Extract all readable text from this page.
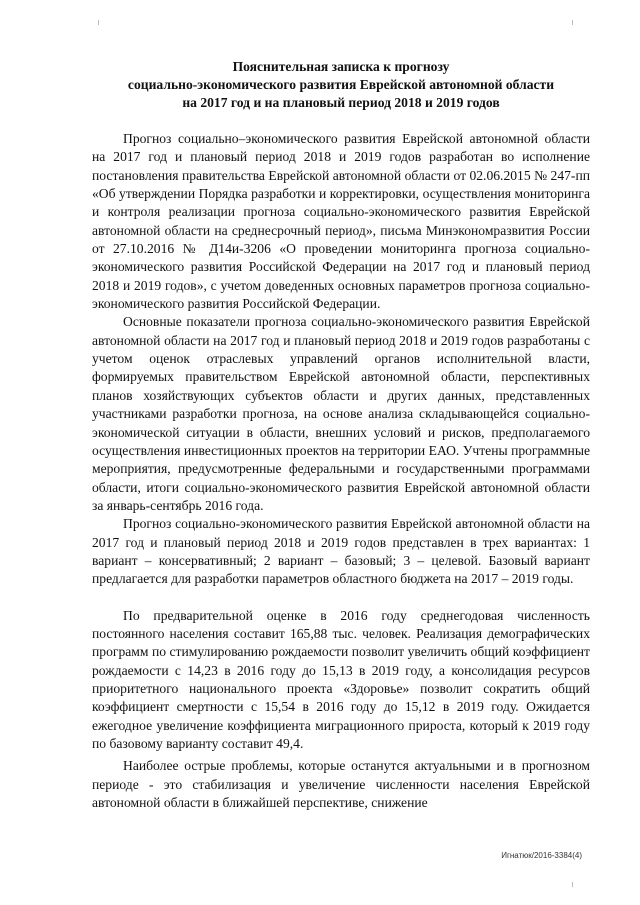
Пояснительная записка к прогнозу
социально-экономического развития Еврейской автономной области
на 2017 год и на плановый период 2018 и 2019 годов

Прогноз социально–экономического развития Еврейской автономной области на 2017 год и плановый период 2018 и 2019 годов разработан во исполнение постановления правительства Еврейской автономной области от 02.06.2015 № 247-пп «Об утверждении Порядка разработки и корректировки, осуществления мониторинга и контроля реализации прогноза социально-экономического развития Еврейской автономной области на среднесрочный период», письма Минэкономразвития России от 27.10.2016 № Д14и-3206 «О проведении мониторинга прогноза социально-экономического развития Российской Федерации на 2017 год и плановый период 2018 и 2019 годов», с учетом доведенных основных параметров прогноза социально-экономического развития Российской Федерации.

Основные показатели прогноза социально-экономического развития Еврейской автономной области на 2017 год и плановый период 2018 и 2019 годов разработаны с учетом оценок отраслевых управлений органов исполнительной власти, формируемых правительством Еврейской автономной области, перспективных планов хозяйствующих субъектов области и других данных, представленных участниками разработки прогноза, на основе анализа складывающейся социально-экономической ситуации в области, внешних условий и рисков, предполагаемого осуществления инвестиционных проектов на территории ЕАО. Учтены программные мероприятия, предусмотренные федеральными и государственными программами области, итоги социально-экономического развития Еврейской автономной области за январь-сентябрь 2016 года.

Прогноз социально-экономического развития Еврейской автономной области на 2017 год и плановый период 2018 и 2019 годов представлен в трех вариантах: 1 вариант – консервативный; 2 вариант – базовый; 3 – целевой. Базовый вариант предлагается для разработки параметров областного бюджета на 2017 – 2019 годы.

По предварительной оценке в 2016 году среднегодовая численность постоянного населения составит 165,88 тыс. человек. Реализация демографических программ по стимулированию рождаемости позволит увеличить общий коэффициент рождаемости с 14,23 в 2016 году до 15,13 в 2019 году, а консолидация ресурсов приоритетного национального проекта «Здоровье» позволит сократить общий коэффициент смертности с 15,54 в 2016 году до 15,12 в 2019 году. Ожидается ежегодное увеличение коэффициента миграционного прироста, который к 2019 году по базовому варианту составит 49,4.

Наиболее острые проблемы, которые останутся актуальными и в прогнозном периоде - это стабилизация и увеличение численности населения Еврейской автономной области в ближайшей перспективе, снижение

Игнатюк/2016-3384(4)
